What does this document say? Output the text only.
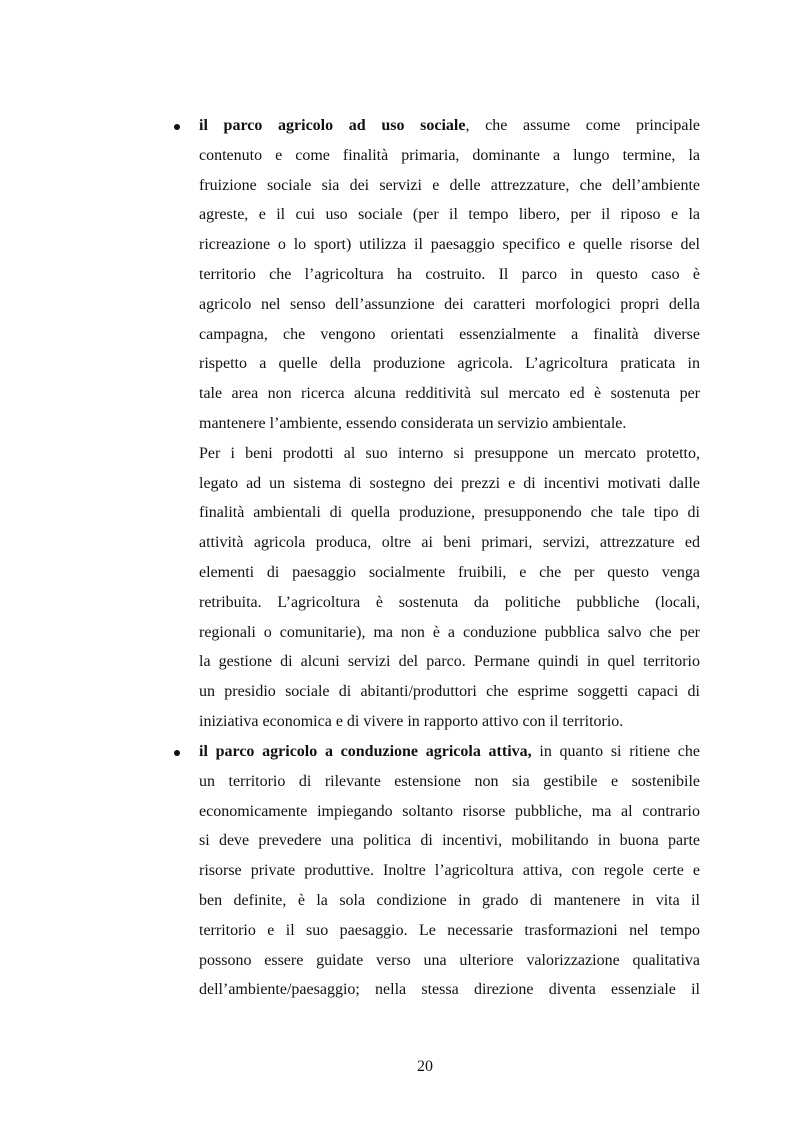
il parco agricolo ad uso sociale, che assume come principale
contenuto e come finalità primaria, dominante a lungo termine, la
fruizione sociale sia dei servizi e delle attrezzature, che dell’ambiente
agreste, e il cui uso sociale (per il tempo libero, per il riposo e la
ricreazione o lo sport) utilizza il paesaggio specifico e quelle risorse del
territorio che l’agricoltura ha costruito. Il parco in questo caso è
agricolo nel senso dell’assunzione dei caratteri morfologici propri della
campagna, che vengono orientati essenzialmente a finalità diverse
rispetto a quelle della produzione agricola. L’agricoltura praticata in
tale area non ricerca alcuna redditività sul mercato ed è sostenuta per
mantenere l’ambiente, essendo considerata un servizio ambientale.
Per i beni prodotti al suo interno si presuppone un mercato protetto,
legato ad un sistema di sostegno dei prezzi e di incentivi motivati dalle
finalità ambientali di quella produzione, presupponendo che tale tipo di
attività agricola produca, oltre ai beni primari, servizi, attrezzature ed
elementi di paesaggio socialmente fruibili, e che per questo venga
retribuita. L’agricoltura è sostenuta da politiche pubbliche (locali,
regionali o comunitarie), ma non è a conduzione pubblica salvo che per
la gestione di alcuni servizi del parco. Permane quindi in quel territorio
un presidio sociale di abitanti/produttori che esprime soggetti capaci di
iniziativa economica e di vivere in rapporto attivo con il territorio.
il parco agricolo a conduzione agricola attiva, in quanto si ritiene che
un territorio di rilevante estensione non sia gestibile e sostenibile
economicamente impiegando soltanto risorse pubbliche, ma al contrario
si deve prevedere una politica di incentivi, mobilitando in buona parte
risorse private produttive. Inoltre l’agricoltura attiva, con regole certe e
ben definite, è la sola condizione in grado di mantenere in vita il
territorio e il suo paesaggio. Le necessarie trasformazioni nel tempo
possono essere guidate verso una ulteriore valorizzazione qualitativa
dell’ambiente/paesaggio; nella stessa direzione diventa essenziale il
20
